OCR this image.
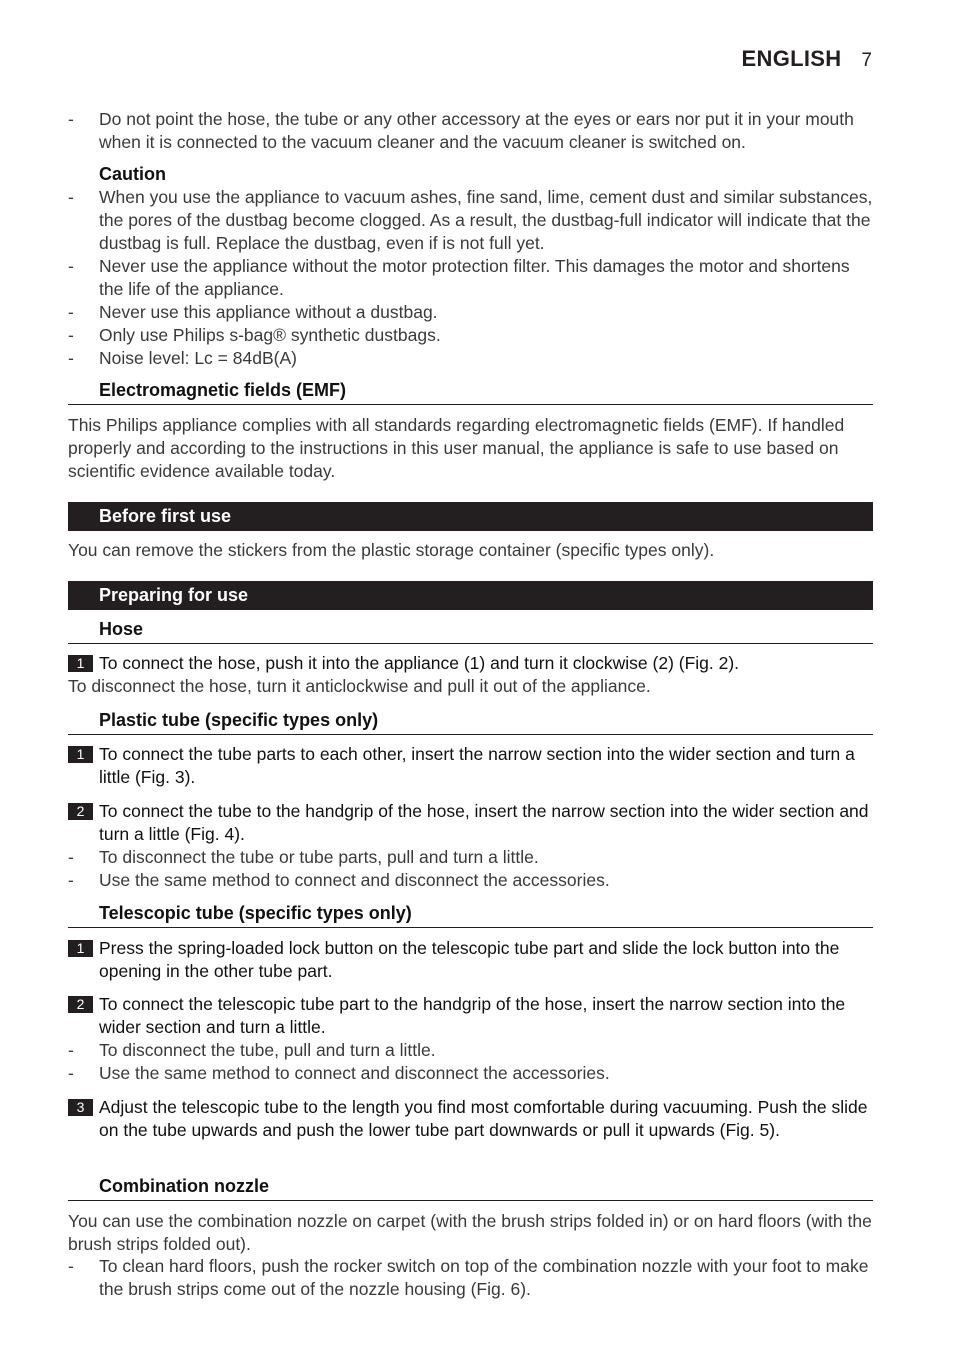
ENGLISH 7
- Do not point the hose, the tube or any other accessory at the eyes or ears nor put it in your mouth when it is connected to the vacuum cleaner and the vacuum cleaner is switched on.
Caution
- When you use the appliance to vacuum ashes, fine sand, lime, cement dust and similar substances, the pores of the dustbag become clogged. As a result, the dustbag-full indicator will indicate that the dustbag is full. Replace the dustbag, even if is not full yet.
- Never use the appliance without the motor protection filter. This damages the motor and shortens the life of the appliance.
- Never use this appliance without a dustbag.
- Only use Philips s-bag® synthetic dustbags.
- Noise level: Lc = 84dB(A)
Electromagnetic fields (EMF)
This Philips appliance complies with all standards regarding electromagnetic fields (EMF). If handled properly and according to the instructions in this user manual, the appliance is safe to use based on scientific evidence available today.
Before first use
You can remove the stickers from the plastic storage container (specific types only).
Preparing for use
Hose
1 To connect the hose, push it into the appliance (1) and turn it clockwise (2) (Fig. 2).
To disconnect the hose, turn it anticlockwise and pull it out of the appliance.
Plastic tube (specific types only)
1 To connect the tube parts to each other, insert the narrow section into the wider section and turn a little (Fig. 3).
2 To connect the tube to the handgrip of the hose, insert the narrow section into the wider section and turn a little (Fig. 4).
- To disconnect the tube or tube parts, pull and turn a little.
- Use the same method to connect and disconnect the accessories.
Telescopic tube (specific types only)
1 Press the spring-loaded lock button on the telescopic tube part and slide the lock button into the opening in the other tube part.
2 To connect the telescopic tube part to the handgrip of the hose, insert the narrow section into the wider section and turn a little.
- To disconnect the tube, pull and turn a little.
- Use the same method to connect and disconnect the accessories.
3 Adjust the telescopic tube to the length you find most comfortable during vacuuming. Push the slide on the tube upwards and push the lower tube part downwards or pull it upwards (Fig. 5).
Combination nozzle
You can use the combination nozzle on carpet (with the brush strips folded in) or on hard floors (with the brush strips folded out).
- To clean hard floors, push the rocker switch on top of the combination nozzle with your foot to make the brush strips come out of the nozzle housing (Fig. 6).
